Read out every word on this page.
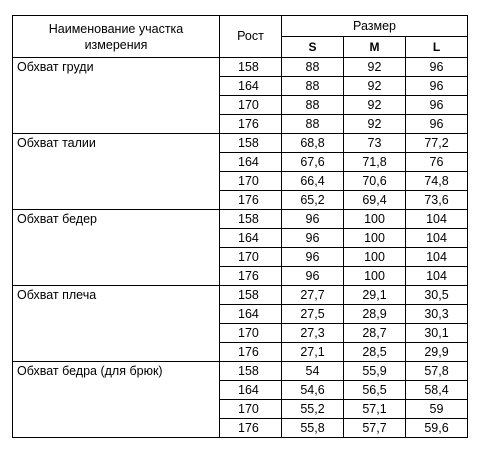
Наименование участка
измерения	Рост	Размер		
		S	M	L
Обхват груди	158	88	92	96
	164	88	92	96
	170	88	92	96
	176	88	92	96
Обхват талии	158	68,8	73	77,2
	164	67,6	71,8	76
	170	66,4	70,6	74,8
	176	65,2	69,4	73,6
Обхват бедер	158	96	100	104
	164	96	100	104
	170	96	100	104
	176	96	100	104
Обхват плеча	158	27,7	29,1	30,5
	164	27,5	28,9	30,3
	170	27,3	28,7	30,1
	176	27,1	28,5	29,9
Обхват бедра (для брюк)	158	54	55,9	57,8
	164	54,6	56,5	58,4
	170	55,2	57,1	59
	176	55,8	57,7	59,6
